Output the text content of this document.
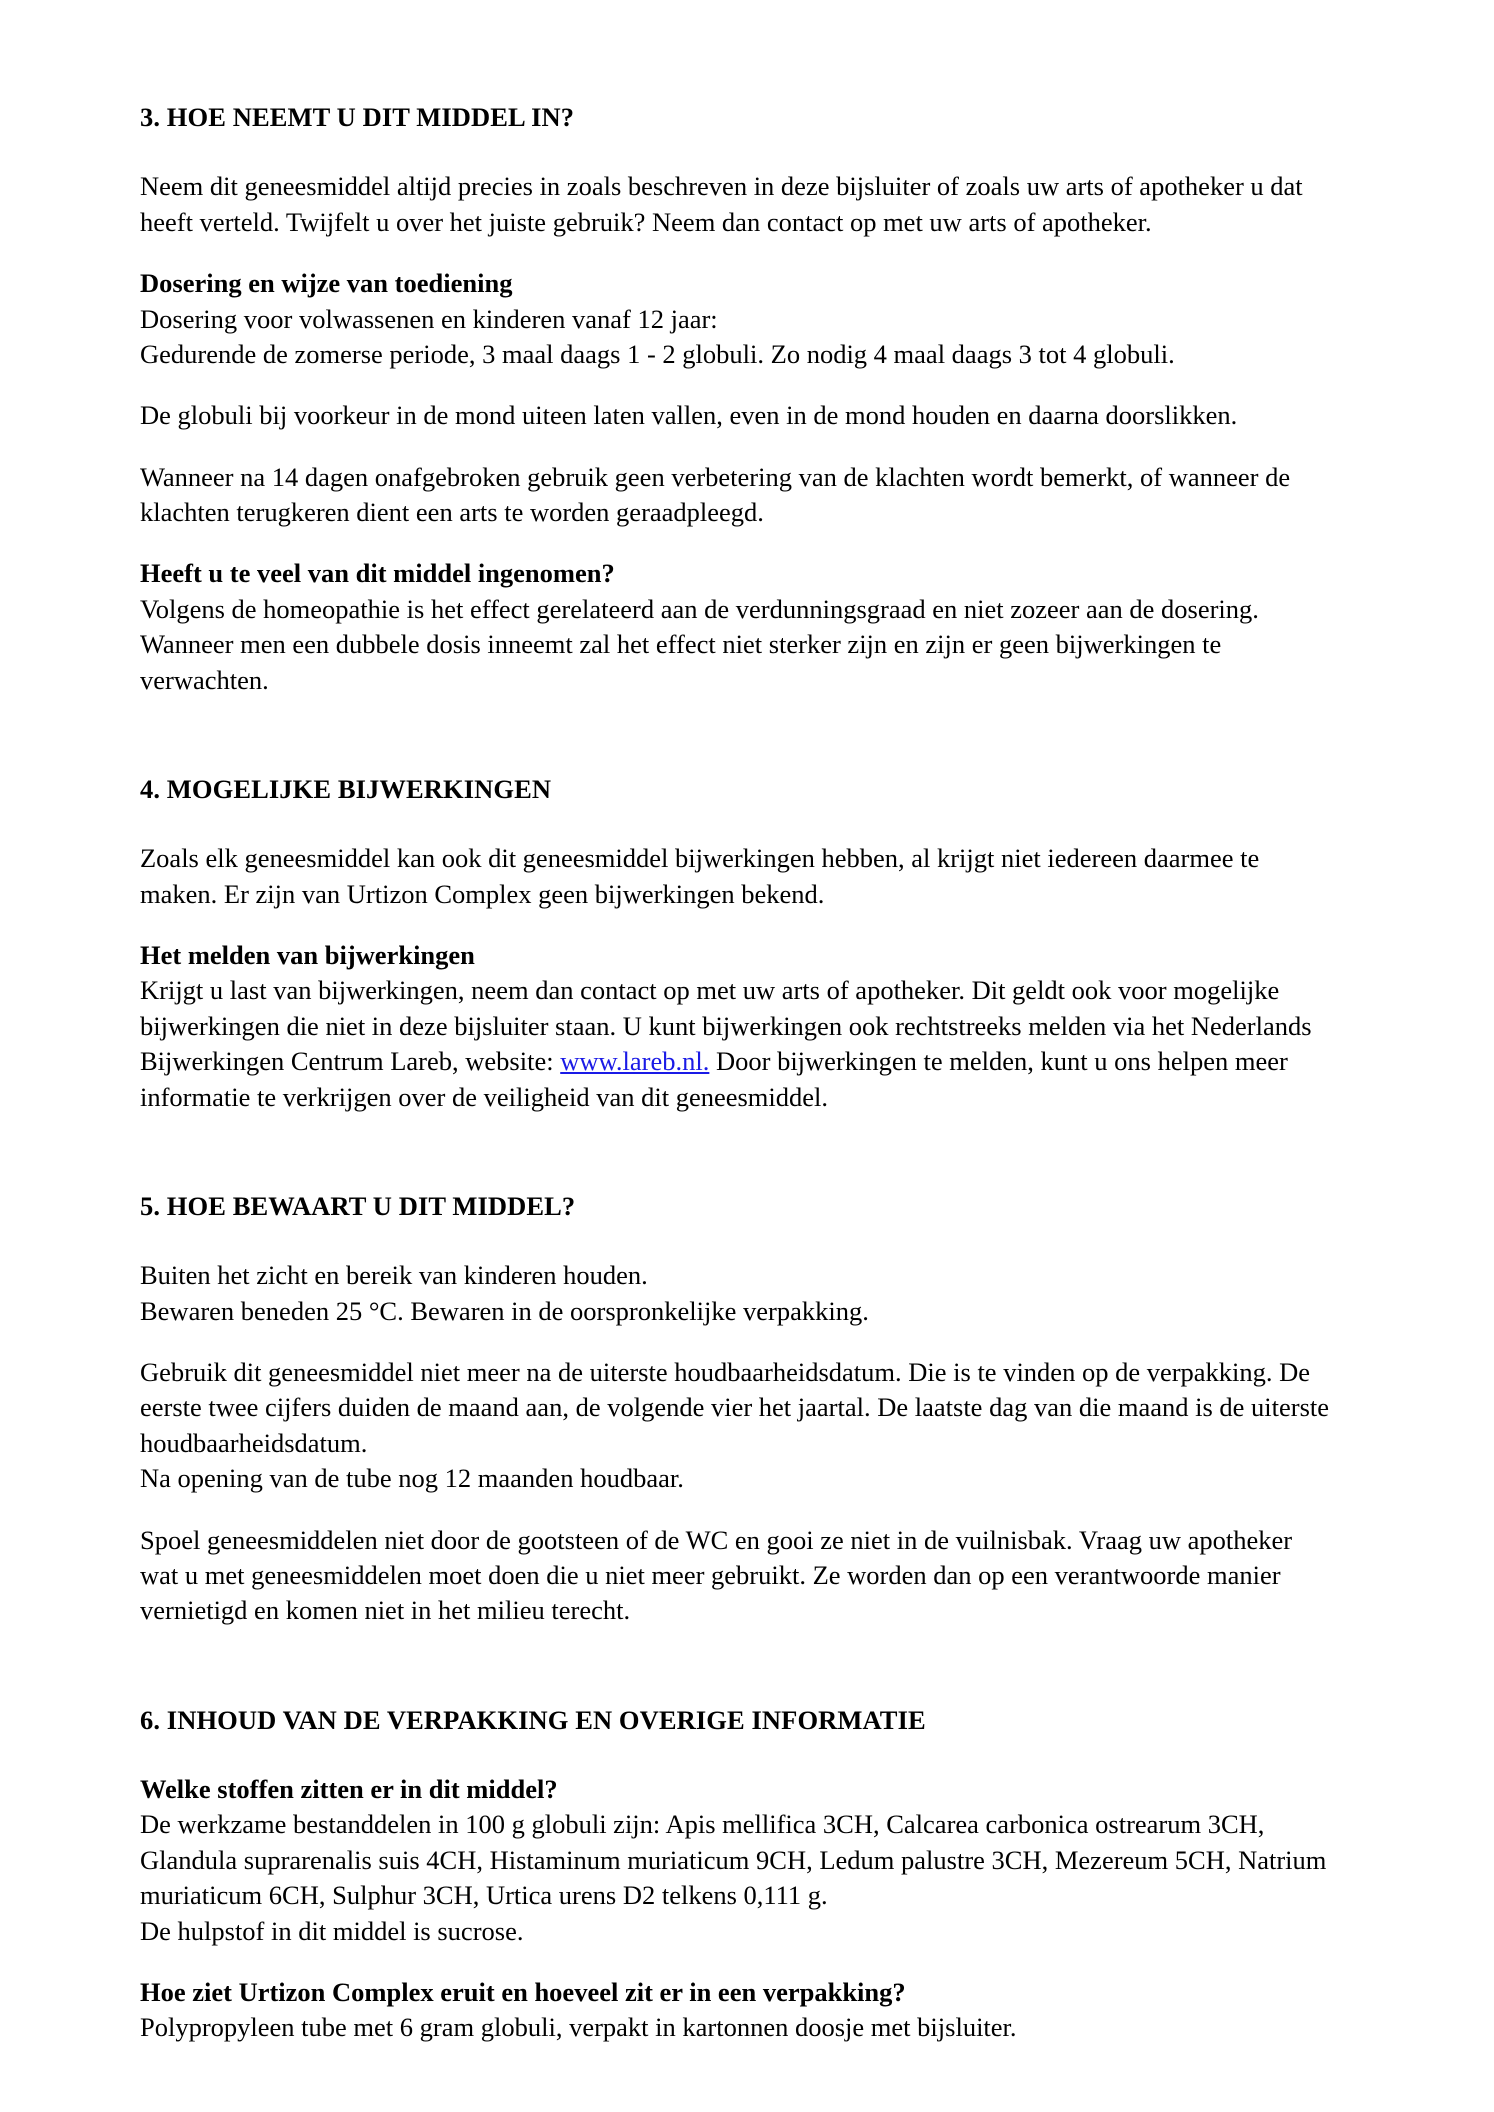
3. HOE NEEMT U DIT MIDDEL IN?

Neem dit geneesmiddel altijd precies in zoals beschreven in deze bijsluiter of zoals uw arts of apotheker u dat heeft verteld. Twijfelt u over het juiste gebruik? Neem dan contact op met uw arts of apotheker.

Dosering en wijze van toediening

Dosering voor volwassenen en kinderen vanaf 12 jaar:

Gedurende de zomerse periode, 3 maal daags 1 - 2 globuli. Zo nodig 4 maal daags 3 tot 4 globuli.

De globuli bij voorkeur in de mond uiteen laten vallen, even in de mond houden en daarna doorslikken.

Wanneer na 14 dagen onafgebroken gebruik geen verbetering van de klachten wordt bemerkt, of wanneer de klachten terugkeren dient een arts te worden geraadpleegd.

Heeft u te veel van dit middel ingenomen?

Volgens de homeopathie is het effect gerelateerd aan de verdunningsgraad en niet zozeer aan de dosering. Wanneer men een dubbele dosis inneemt zal het effect niet sterker zijn en zijn er geen bijwerkingen te verwachten.

4. MOGELIJKE BIJWERKINGEN

Zoals elk geneesmiddel kan ook dit geneesmiddel bijwerkingen hebben, al krijgt niet iedereen daarmee te maken. Er zijn van Urtizon Complex geen bijwerkingen bekend.

Het melden van bijwerkingen

Krijgt u last van bijwerkingen, neem dan contact op met uw arts of apotheker. Dit geldt ook voor mogelijke bijwerkingen die niet in deze bijsluiter staan. U kunt bijwerkingen ook rechtstreeks melden via het Nederlands Bijwerkingen Centrum Lareb, website: www.lareb.nl. Door bijwerkingen te melden, kunt u ons helpen meer informatie te verkrijgen over de veiligheid van dit geneesmiddel.

5. HOE BEWAART U DIT MIDDEL?

Buiten het zicht en bereik van kinderen houden.

Bewaren beneden 25 °C. Bewaren in de oorspronkelijke verpakking.

Gebruik dit geneesmiddel niet meer na de uiterste houdbaarheidsdatum. Die is te vinden op de verpakking. De eerste twee cijfers duiden de maand aan, de volgende vier het jaartal. De laatste dag van die maand is de uiterste houdbaarheidsdatum.

Na opening van de tube nog 12 maanden houdbaar.

Spoel geneesmiddelen niet door de gootsteen of de WC en gooi ze niet in de vuilnisbak. Vraag uw apotheker wat u met geneesmiddelen moet doen die u niet meer gebruikt. Ze worden dan op een verantwoorde manier vernietigd en komen niet in het milieu terecht.

6. INHOUD VAN DE VERPAKKING EN OVERIGE INFORMATIE
Welke stoffen zitten er in dit middel?

De werkzame bestanddelen in 100 g globuli zijn: Apis mellifica 3CH, Calcarea carbonica ostrearum 3CH, Glandula suprarenalis suis 4CH, Histaminum muriaticum 9CH, Ledum palustre 3CH, Mezereum 5CH, Natrium muriaticum 6CH, Sulphur 3CH, Urtica urens D2 telkens 0,111 g.

De hulpstof in dit middel is sucrose.

Hoe ziet Urtizon Complex eruit en hoeveel zit er in een verpakking?

Polypropyleen tube met 6 gram globuli, verpakt in kartonnen doosje met bijsluiter.
